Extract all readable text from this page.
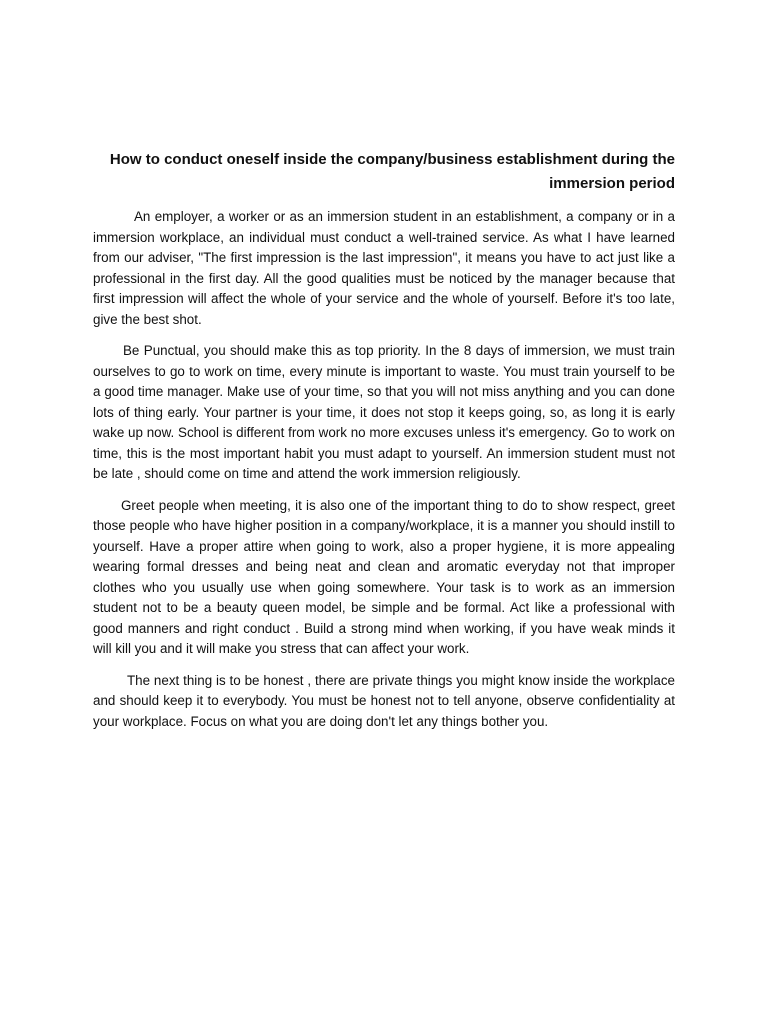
How to conduct oneself inside the company/business establishment during the immersion period

An employer, a worker or as an immersion student in an establishment, a company or in a immersion workplace, an individual must conduct a well-trained service. As what I have learned from our adviser, "The first impression is the last impression", it means you have to act just like a professional in the first day. All the good qualities must be noticed by the manager because that first impression will affect the whole of your service and the whole of yourself. Before it's too late, give the best shot.

Be Punctual, you should make this as top priority. In the 8 days of immersion, we must train ourselves to go to work on time, every minute is important to waste. You must train yourself to be a good time manager. Make use of your time, so that you will not miss anything and you can done lots of thing early. Your partner is your time, it does not stop it keeps going, so, as long it is early wake up now. School is different from work no more excuses unless it's emergency. Go to work on time, this is the most important habit you must adapt to yourself. An immersion student must not be late , should come on time and attend the work immersion religiously.

Greet people when meeting, it is also one of the important thing to do to show respect, greet those people who have higher position in a company/workplace, it is a manner you should instill to yourself. Have a proper attire when going to work, also a proper hygiene, it is more appealing wearing formal dresses and being neat and clean and aromatic everyday not that improper clothes who you usually use when going somewhere. Your task is to work as an immersion student not to be a beauty queen model, be simple and be formal. Act like a professional with good manners and right conduct . Build a strong mind when working, if you have weak minds it will kill you and it will make you stress that can affect your work.

The next thing is to be honest , there are private things you might know inside the workplace and should keep it to everybody. You must be honest not to tell anyone, observe confidentiality at your workplace. Focus on what you are doing don't let any things bother you.
